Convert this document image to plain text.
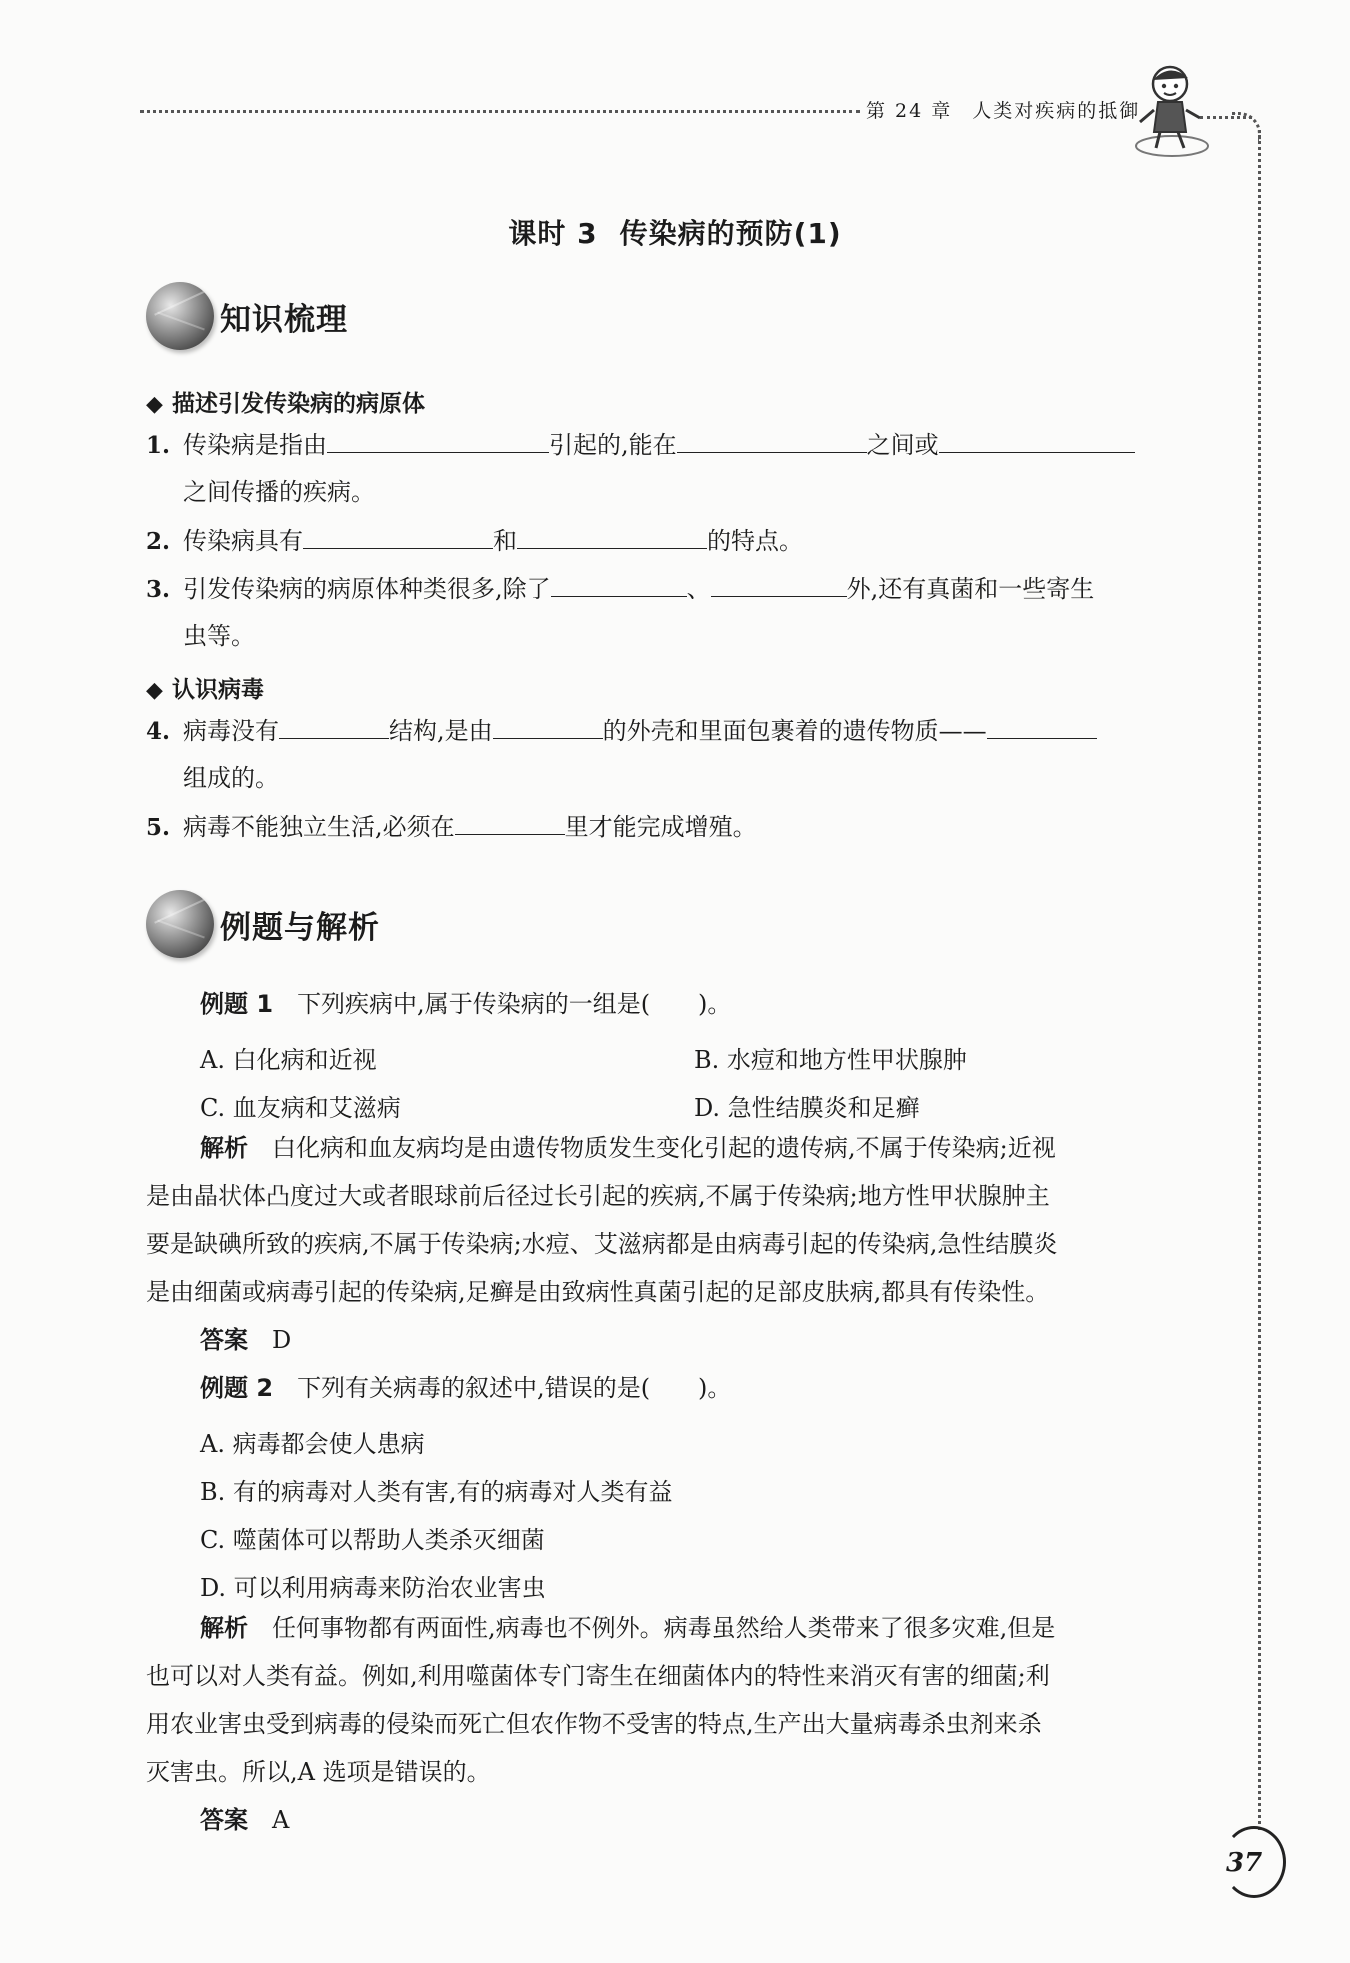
第 24 章 人类对疾病的抵御
课时 3 传染病的预防(1)
知识梳理
◆ 描述引发传染病的病原体
1. 传染病是指由	引起的,能在	之间或
之间传播的疾病。
2. 传染病具有	和	的特点。
3. 引发传染病的病原体种类很多,除了	、	外,还有真菌和一些寄生
虫等。
◆ 认识病毒
4. 病毒没有	结构,是由	的外壳和里面包裹着的遗传物质——
组成的。
5. 病毒不能独立生活,必须在	里才能完成增殖。
例题与解析
例题 1　 下列疾病中,属于传染病的一组是(　　)。
A. 白化病和近视	B. 水痘和地方性甲状腺肿
C. 血友病和艾滋病	D. 急性结膜炎和足癣
解析　 白化病和血友病均是由遗传物质发生变化引起的遗传病,不属于传染病;近视
是由晶状体凸度过大或者眼球前后径过长引起的疾病,不属于传染病;地方性甲状腺肿主
要是缺碘所致的疾病,不属于传染病;水痘、艾滋病都是由病毒引起的传染病,急性结膜炎
是由细菌或病毒引起的传染病,足癣是由致病性真菌引起的足部皮肤病,都具有传染性。
答案　 D
例题 2　 下列有关病毒的叙述中,错误的是(　　)。
A. 病毒都会使人患病
B. 有的病毒对人类有害,有的病毒对人类有益
C. 噬菌体可以帮助人类杀灭细菌
D. 可以利用病毒来防治农业害虫
解析　 任何事物都有两面性,病毒也不例外。病毒虽然给人类带来了很多灾难,但是
也可以对人类有益。例如,利用噬菌体专门寄生在细菌体内的特性来消灭有害的细菌;利
用农业害虫受到病毒的侵染而死亡但农作物不受害的特点,生产出大量病毒杀虫剂来杀
灭害虫。所以,A 选项是错误的。
答案　 A
37
